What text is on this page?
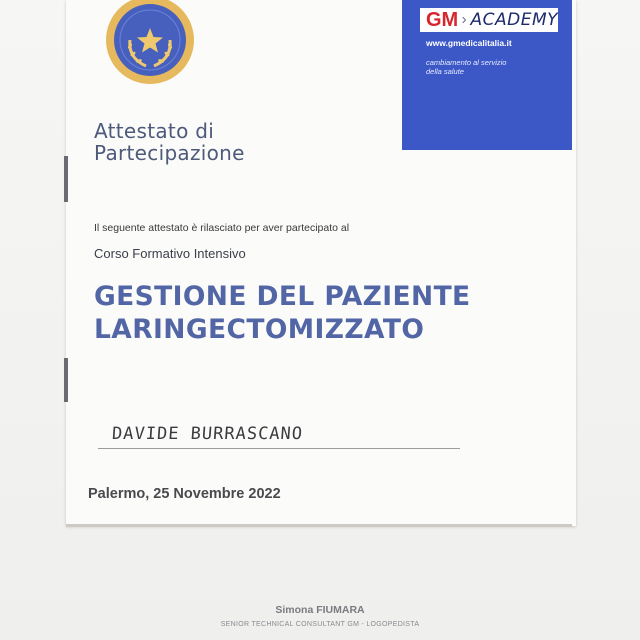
GM ACADEMY
www.gmedicalitalia.it
cambiamento al servizio della salute
Attestato di
Partecipazione
Il seguente attestato è rilasciato per aver partecipato al
Corso Formativo Intensivo
GESTIONE DEL PAZIENTE
LARINGECTOMIZZATO
DAVIDE BURRASCANO
Palermo, 25 Novembre 2022
Simona FIUMARA
SENIOR TECHNICAL CONSULTANT GM - LOGOPEDISTA
